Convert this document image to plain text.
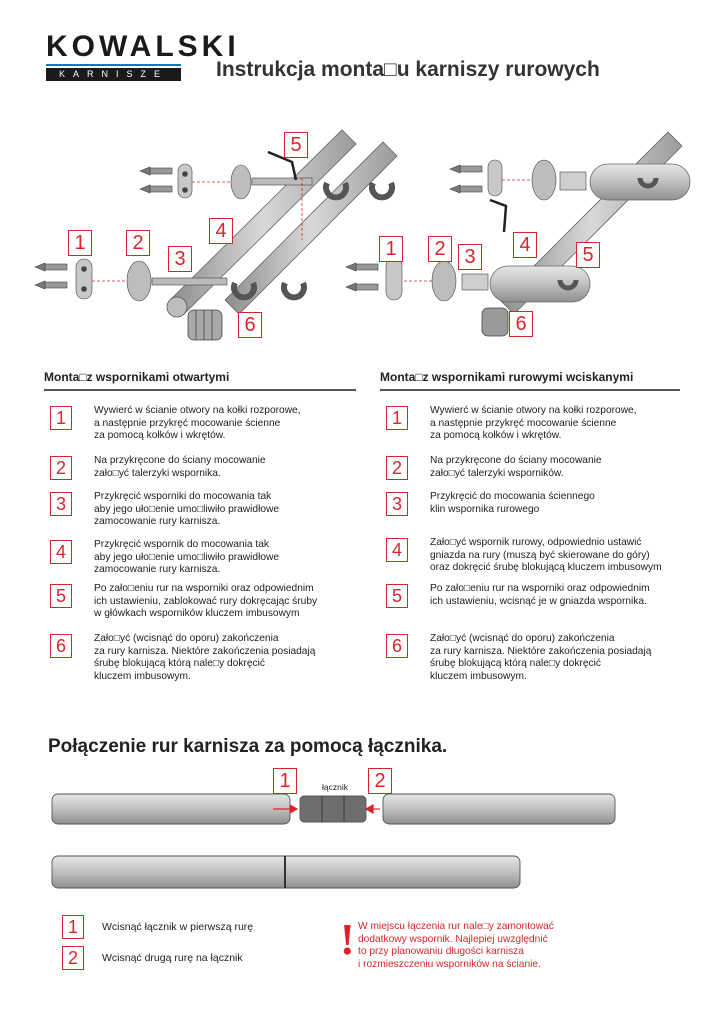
KOWALSKI
KARNISZE	Instrukcja monta□u karniszy rurowych
1	2
3
4
5
6
1	2 3
4	5
6
Monta□z wspornikami otwartymi
1	Wywierć w ścianie otwory na kołki rozporowe,
a następnie przykręć mocowanie ścienne
za pomocą kołków i wkrętów.
2	Na przykręcone do ściany mocowanie
zało□yć talerzyki wspornika.
3	Przykręcić wsporniki do mocowania tak
aby jego uło□enie umo□liwiło prawidłowe
zamocowanie rury karnisza.
4	Przykręcić wspornik do mocowania tak
aby jego uło□enie umo□liwiło prawidłowe
zamocowanie rury karnisza.
5	Po zało□eniu rur na wsporniki oraz odpowiednim
ich ustawieniu, zablokować rury dokręcając śruby
w główkach wsporników kluczem imbusowym
6	Zało□yć (wcisnąć do oporu) zakończenia
za rury karnisza. Niektóre zakończenia posiadają
śrubę blokującą którą nale□y dokręcić
kluczem imbusowym.
Monta□z wspornikami rurowymi wciskanymi
1	Wywierć w ścianie otwory na kołki rozporowe,
a następnie przykręć mocowanie ścienne
za pomocą kołków i wkrętów.
2	Na przykręcone do ściany mocowanie
zało□yć talerzyki wsporników.
3	Przykręcić do mocowania ściennego
klin wspornika rurowego
4	Zało□yć wspornik rurowy, odpowiednio ustawić
gniazda na rury (muszą być skierowane do góry)
oraz dokręcić śrubę blokującą kluczem imbusowym
5	Po zało□eniu rur na wsporniki oraz odpowiednim
ich ustawieniu, wcisnąć je w gniazda wspornika.
6	Zało□yć (wcisnąć do oporu) zakończenia
za rury karnisza. Niektóre zakończenia posiadają
śrubę blokującą którą nale□y dokręcić
kluczem imbusowym.
Połączenie rur karnisza za pomocą łącznika.
1	2
łącznik
1	Wcisnąć łącznik w pierwszą rurę
2	Wcisnąć drugą rurę na łącznik	! W miejscu łączenia rur nale□y zamontować
dodatkowy wspornik. Najlepiej uwzględnić
to przy planowaniu długości karnisza
i rozmieszczeniu wsporników na ścianie.
